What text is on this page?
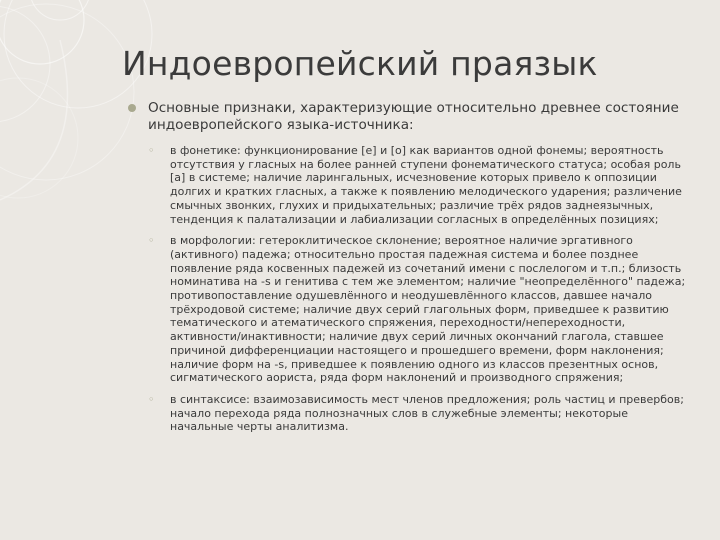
Индоевропейский праязык
Основные признаки, характеризующие относительно древнее состояние индоевропейского языка-источника:
◦ в фонетике: функционирование [e] и [o] как вариантов одной фонемы; вероятность отсутствия у гласных на более ранней ступени фонематического статуса; особая роль [a] в системе; наличие ларингальных, исчезновение которых привело к оппозиции долгих и кратких гласных, а также к появлению мелодического ударения; различение смычных звонких, глухих и придыхательных; различие трёх рядов заднеязычных, тенденция к палатализации и лабиализации согласных в определённых позициях;
◦ в морфологии: гетероклитическое склонение; вероятное наличие эргативного (активного) падежа; относительно простая падежная система и более позднее появление ряда косвенных падежей из сочетаний имени с послелогом и т.п.; близость номинатива на -s и генитива с тем же элементом; наличие "неопределённого" падежа; противопоставление одушевлённого и неодушевлённого классов, давшее начало трёхродовой системе; наличие двух серий глагольных форм, приведшее к развитию тематического и атематического спряжения, переходности/непереходности, активности/инактивности; наличие двух серий личных окончаний глагола, ставшее причиной дифференциации настоящего и прошедшего времени, форм наклонения; наличие форм на -s, приведшее к появлению одного из классов презентных основ, сигматического аориста, ряда форм наклонений и производного спряжения;
◦ в синтаксисе: взаимозависимость мест членов предложения; роль частиц и превербов; начало перехода ряда полнозначных слов в служебные элементы; некоторые начальные черты аналитизма.
